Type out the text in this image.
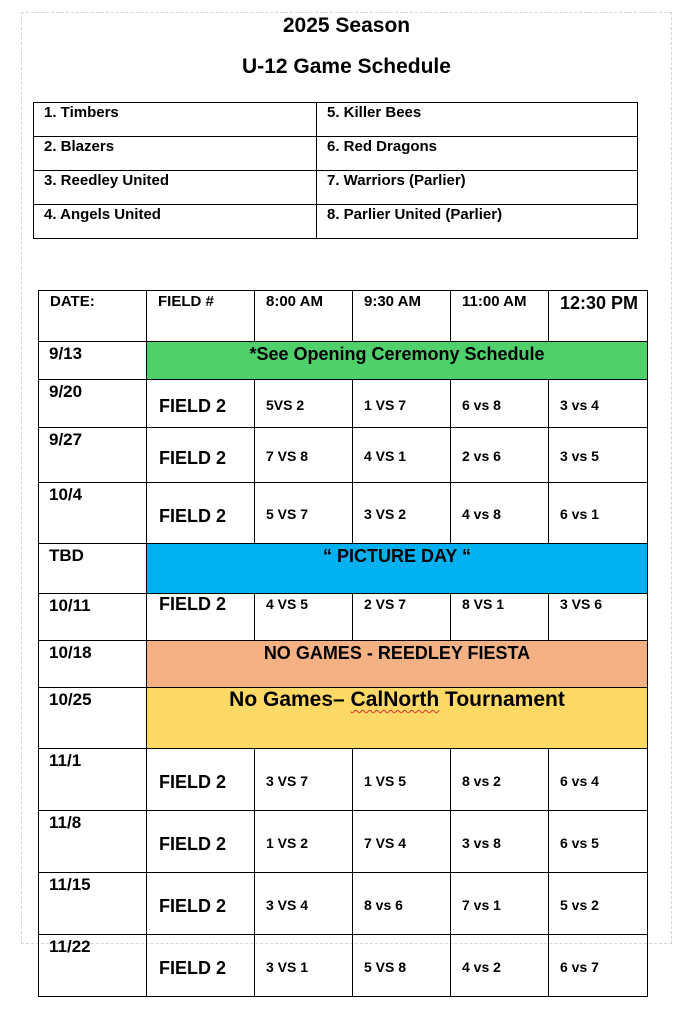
2025 Season
U-12 Game Schedule
1. Timbers	5. Killer Bees
2. Blazers	6. Red Dragons
3. Reedley United	7. Warriors (Parlier)
4. Angels United	8. Parlier United (Parlier)
DATE:	FIELD #	8:00 AM	9:30 AM	11:00 AM	12:30 PM
9/13	*See Opening Ceremony Schedule				
9/20	FIELD 2	5VS 2	1 VS 7	6 vs 8	3 vs 4
9/27	FIELD 2	7 VS 8	4 VS 1	2 vs 6	3 vs 5
10/4	FIELD 2	5 VS 7	3 VS 2	4 vs 8	6 vs 1
TBD	“ PICTURE DAY “				
10/11	FIELD 2	4 VS 5	2 VS 7	8 VS 1	3 VS 6
10/18	NO GAMES - REEDLEY FIESTA				
10/25	No Games– CalNorth Tournament				
11/1	FIELD 2	3 VS 7	1 VS 5	8 vs 2	6 vs 4
11/8	FIELD 2	1 VS 2	7 VS 4	3 vs 8	6 vs 5
11/15	FIELD 2	3 VS 4	8 vs 6	7 vs 1	5 vs 2
11/22	FIELD 2	3 VS 1	5 VS 8	4 vs 2	6 vs 7
